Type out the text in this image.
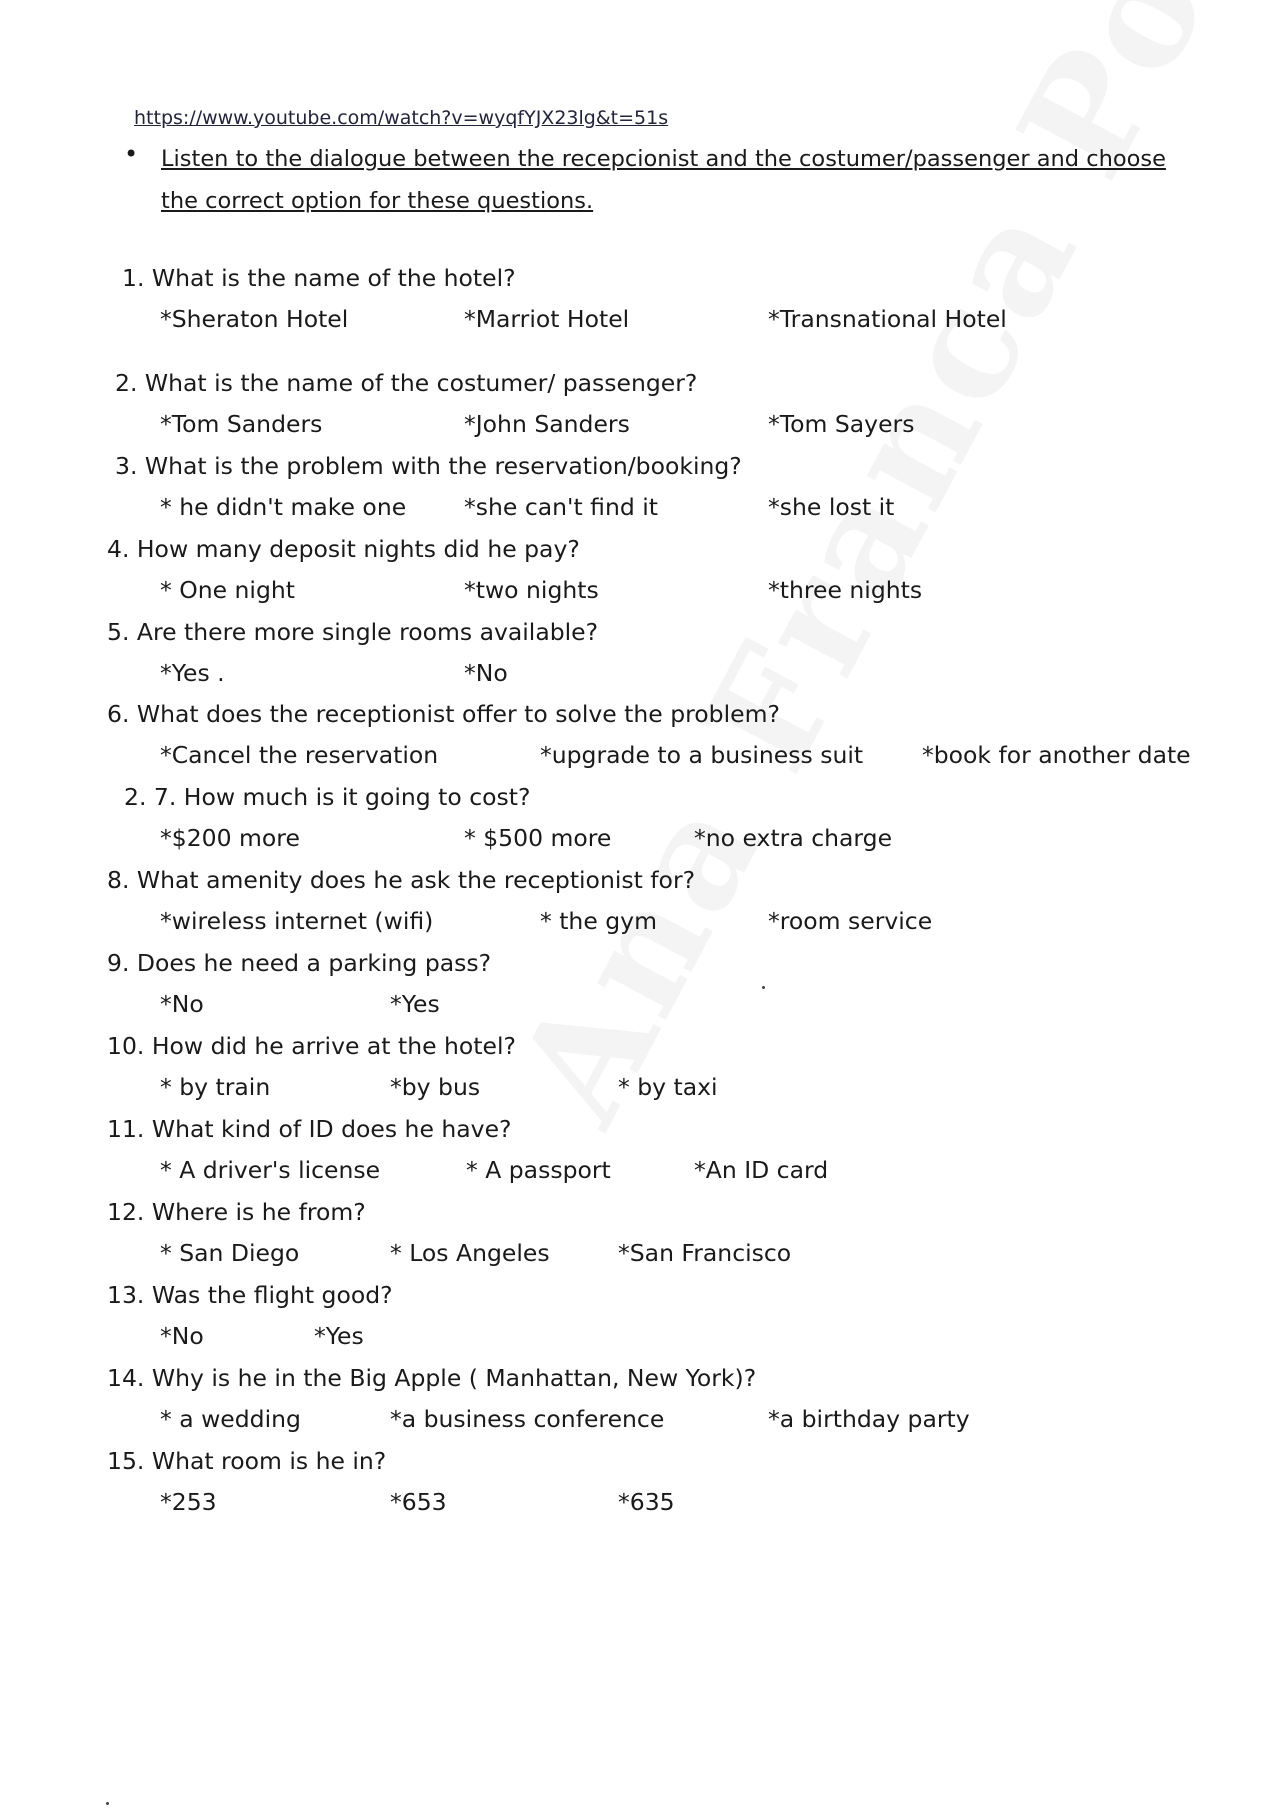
https://www.youtube.com/watch?v=wyqfYJX23lg&t=51s
• Listen to the dialogue between the recepcionist and the costumer/passenger and choose the correct option for these questions.
1. What is the name of the hotel?
*Sheraton Hotel	*Marriot Hotel	*Transnational Hotel
2. What is the name of the costumer/ passenger?
*Tom Sanders	*John Sanders	*Tom Sayers
3. What is the problem with the reservation/booking?
* he didn't make one *she can't find it	*she lost it
4. How many deposit nights did he pay?
* One night	*two nights	*three nights
5. Are there more single rooms available?
*Yes .	*No
6. What does the receptionist offer to solve the problem?
*Cancel the reservation	*upgrade to a business suit	*book for another date
2. 7. How much is it going to cost?
*$200 more	* $500 more	*no extra charge
8. What amenity does he ask the receptionist for?
*wireless internet (wifi)	* the gym	*room service
9. Does he need a parking pass?
*No	*Yes
10. How did he arrive at the hotel?
* by train	*by bus	* by taxi
11. What kind of ID does he have?
* A driver's license	* A passport	*An ID card
12. Where is he from?
* San Diego	* Los Angeles	*San Francisco
13. Was the flight good?
*No	*Yes
14. Why is he in the Big Apple ( Manhattan, New York)?
* a wedding	*a business conference	*a birthday party
15. What room is he in?
*253	*653	*635
